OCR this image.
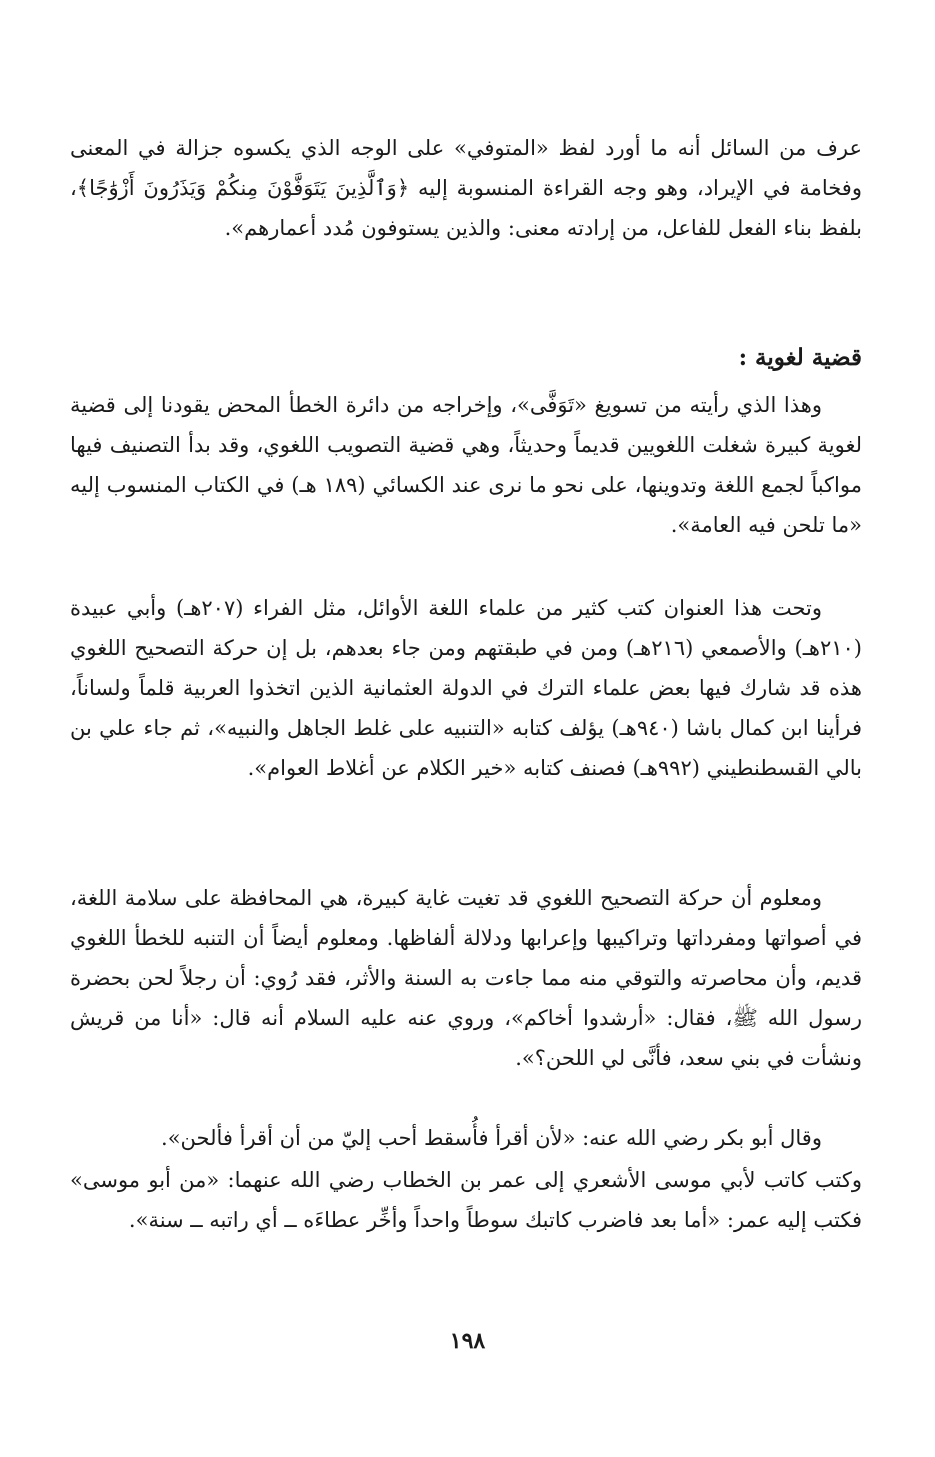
عرف من السائل أنه ما أورد لفظ «المتوفي» على الوجه الذي يكسوه جزالة في المعنى وفخامة في الإيراد، وهو وجه القراءة المنسوبة إليه ﴿وَٱلَّذِينَ يَتَوَفَّوْنَ مِنكُمْ وَيَذَرُونَ أَزْوَٰجًا﴾، بلفظ بناء الفعل للفاعل، من إرادته معنى: والذين يستوفون مُدد أعمارهم».

قضية لغوية :

وهذا الذي رأيته من تسويغ «تَوَفَّى»، وإخراجه من دائرة الخطأ المحض يقودنا إلى قضية لغوية كبيرة شغلت اللغويين قديماً وحديثاً، وهي قضية التصويب اللغوي، وقد بدأ التصنيف فيها مواكباً لجمع اللغة وتدوينها، على نحو ما نرى عند الكسائي (١٨٩ هـ) في الكتاب المنسوب إليه «ما تلحن فيه العامة».

وتحت هذا العنوان كتب كثير من علماء اللغة الأوائل، مثل الفراء (٢٠٧هـ) وأبي عبيدة (٢١٠هـ) والأصمعي (٢١٦هـ) ومن في طبقتهم ومن جاء بعدهم، بل إن حركة التصحيح اللغوي هذه قد شارك فيها بعض علماء الترك في الدولة العثمانية الذين اتخذوا العربية قلماً ولساناً، فرأينا ابن كمال باشا (٩٤٠هـ) يؤلف كتابه «التنبيه على غلط الجاهل والنبيه»، ثم جاء علي بن بالي القسطنطيني (٩٩٢هـ) فصنف كتابه «خير الكلام عن أغلاط العوام».

ومعلوم أن حركة التصحيح اللغوي قد تغيت غاية كبيرة، هي المحافظة على سلامة اللغة، في أصواتها ومفرداتها وتراكيبها وإعرابها ودلالة ألفاظها. ومعلوم أيضاً أن التنبه للخطأ اللغوي قديم، وأن محاصرته والتوقي منه مما جاءت به السنة والأثر، فقد رُوي: أن رجلاً لحن بحضرة رسول الله ﷺ، فقال: «أرشدوا أخاكم»، وروي عنه عليه السلام أنه قال: «أنا من قريش ونشأت في بني سعد، فأنَّى لي اللحن؟».

وقال أبو بكر رضي الله عنه: «لأن أقرأ فأُسقط أحب إليّ من أن أقرأ فألحن».

وكتب كاتب لأبي موسى الأشعري إلى عمر بن الخطاب رضي الله عنهما: «من أبو موسى» فكتب إليه عمر: «أما بعد فاضرب كاتبك سوطاً واحداً وأخِّر عطاءَه ــ أي راتبه ــ سنة».

١٩٨
